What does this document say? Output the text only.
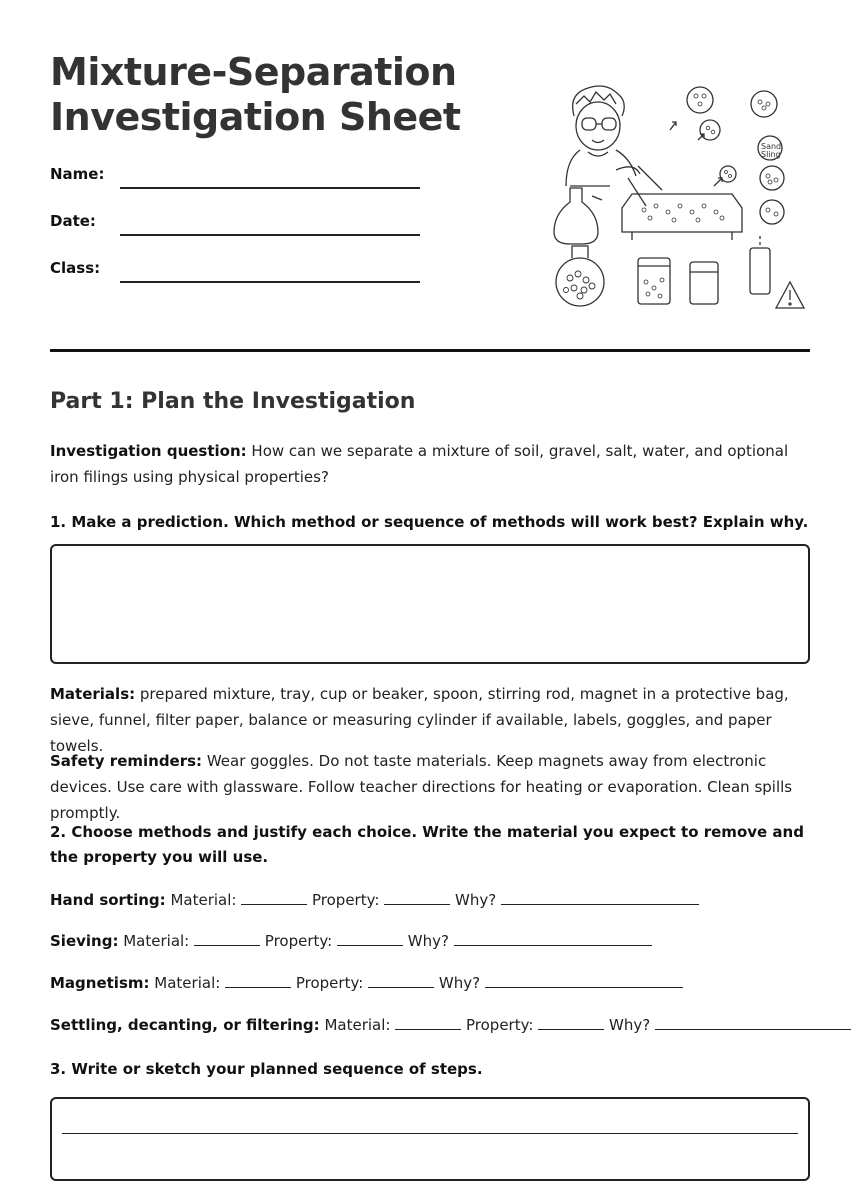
Mixture-Separation
Investigation Sheet
Name:
Date:
Class:
Sand
Sling
Part 1: Plan the Investigation

Investigation question: How can we separate a mixture of soil, gravel, salt, water, and optional iron filings using physical properties?

1. Make a prediction. Which method or sequence of methods will work best? Explain why.

Materials: prepared mixture, tray, cup or beaker, spoon, stirring rod, magnet in a protective bag, sieve, funnel, filter paper, balance or measuring cylinder if available, labels, goggles, and paper towels.

Safety reminders: Wear goggles. Do not taste materials. Keep magnets away from electronic devices. Use care with glassware. Follow teacher directions for heating or evaporation. Clean spills promptly.

2. Choose methods and justify each choice. Write the material you expect to remove and the property you will use.

Hand sorting: Material:	Property:	Why?
Sieving: Material:	Property:	Why?
Magnetism: Material:	Property:	Why?
Settling, decanting, or filtering: Material:	Property:	Why?

3. Write or sketch your planned sequence of steps.
